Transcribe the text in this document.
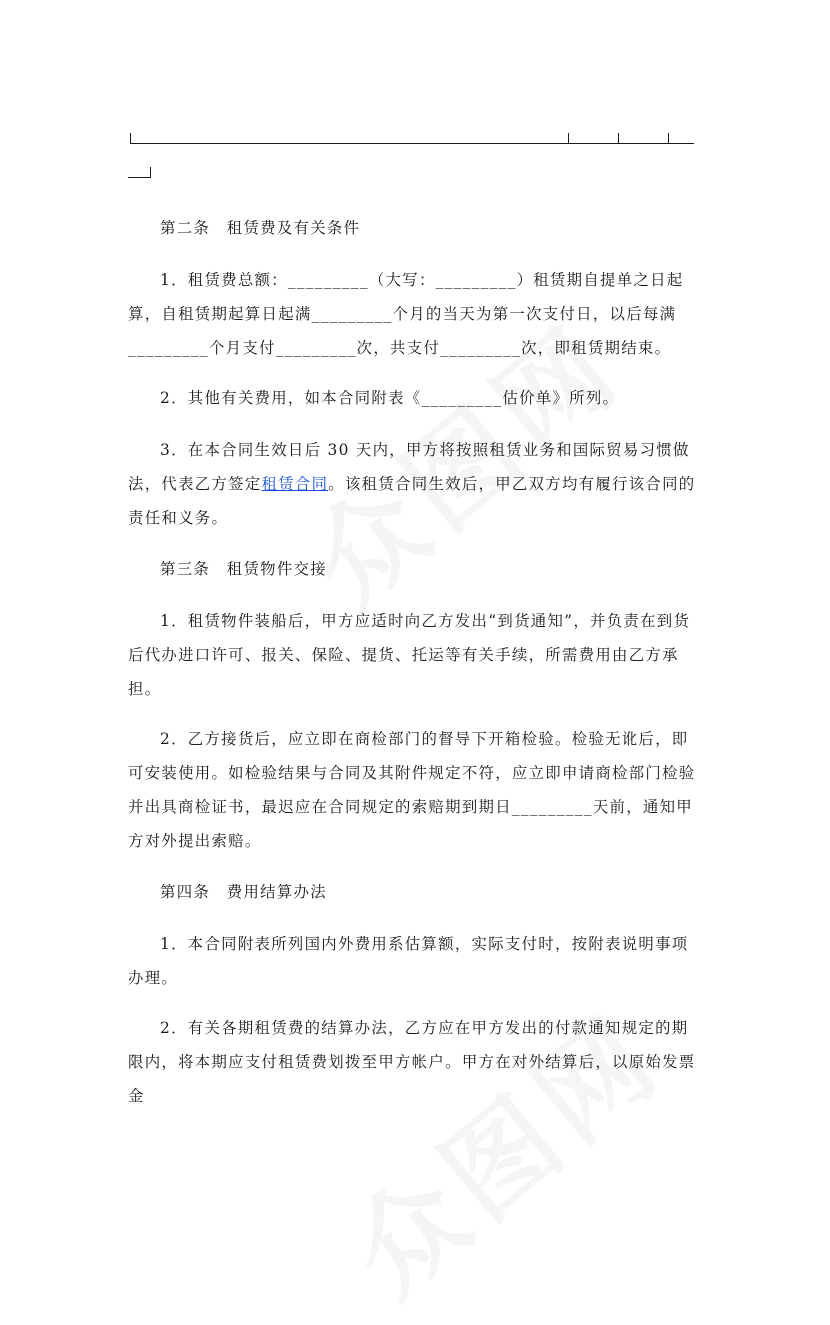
第二条　租赁费及有关条件

1．租赁费总额：_________（大写：_________）租赁期自提单之日起算，自租赁期起算日起满_________个月的当天为第一次支付日，以后每满_________个月支付_________次，共支付_________次，即租赁期结束。

2．其他有关费用，如本合同附表《_________估价单》所列。

3．在本合同生效日后 30 天内，甲方将按照租赁业务和国际贸易习惯做法，代表乙方签定租赁合同。该租赁合同生效后，甲乙双方均有履行该合同的责任和义务。

第三条　租赁物件交接

1．租赁物件装船后，甲方应适时向乙方发出“到货通知”，并负责在到货后代办进口许可、报关、保险、提货、托运等有关手续，所需费用由乙方承担。

2．乙方接货后，应立即在商检部门的督导下开箱检验。检验无讹后，即可安装使用。如检验结果与合同及其附件规定不符，应立即申请商检部门检验并出具商检证书，最迟应在合同规定的索赔期到期日_________天前，通知甲方对外提出索赔。

第四条　费用结算办法

1．本合同附表所列国内外费用系估算额，实际支付时，按附表说明事项办理。

2．有关各期租赁费的结算办法，乙方应在甲方发出的付款通知规定的期限内，将本期应支付租赁费划拨至甲方帐户。甲方在对外结算后，以原始发票金
